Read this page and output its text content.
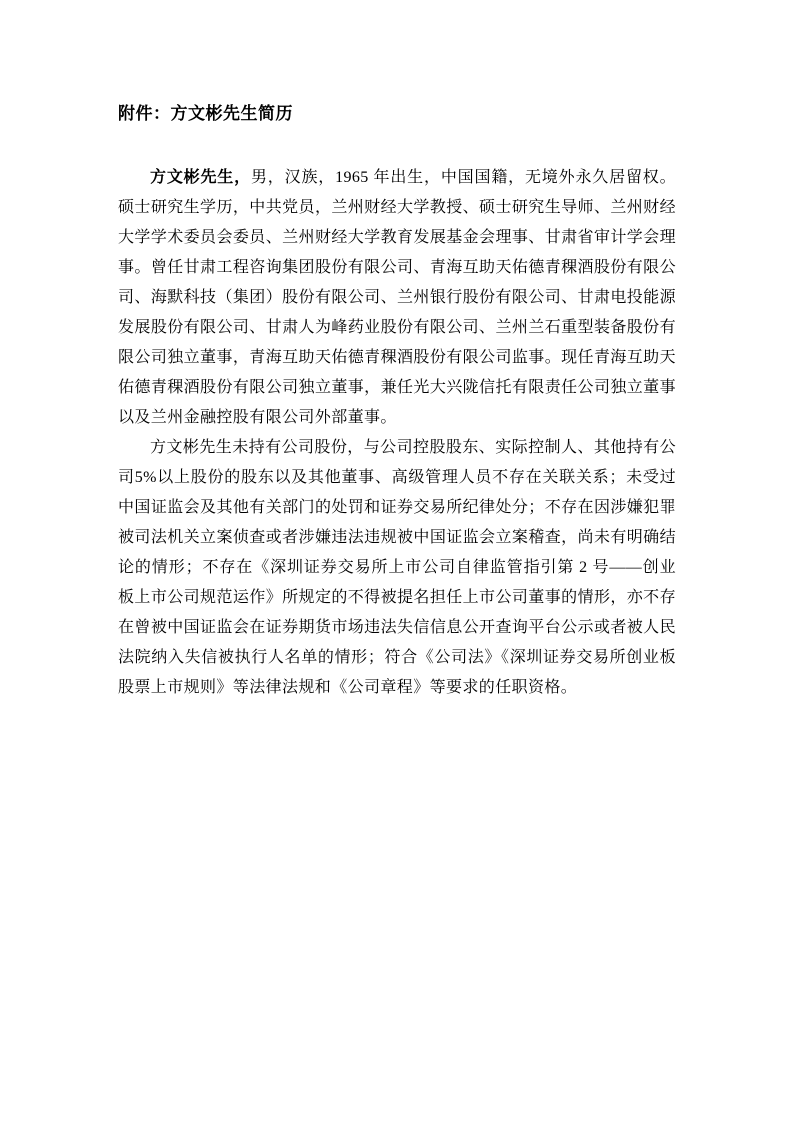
附件：方文彬先生简历

方文彬先生，男，汉族，1965 年出生，中国国籍，无境外永久居留权。硕士研究生学历，中共党员，兰州财经大学教授、硕士研究生导师、兰州财经大学学术委员会委员、兰州财经大学教育发展基金会理事、甘肃省审计学会理事。曾任甘肃工程咨询集团股份有限公司、青海互助天佑德青稞酒股份有限公司、海默科技（集团）股份有限公司、兰州银行股份有限公司、甘肃电投能源发展股份有限公司、甘肃人为峰药业股份有限公司、兰州兰石重型装备股份有限公司独立董事，青海互助天佑德青稞酒股份有限公司监事。现任青海互助天佑德青稞酒股份有限公司独立董事，兼任光大兴陇信托有限责任公司独立董事以及兰州金融控股有限公司外部董事。

方文彬先生未持有公司股份，与公司控股股东、实际控制人、其他持有公司5%以上股份的股东以及其他董事、高级管理人员不存在关联关系；未受过中国证监会及其他有关部门的处罚和证券交易所纪律处分；不存在因涉嫌犯罪被司法机关立案侦查或者涉嫌违法违规被中国证监会立案稽查，尚未有明确结论的情形；不存在《深圳证券交易所上市公司自律监管指引第 2 号——创业板上市公司规范运作》所规定的不得被提名担任上市公司董事的情形，亦不存在曾被中国证监会在证券期货市场违法失信信息公开查询平台公示或者被人民法院纳入失信被执行人名单的情形；符合《公司法》《深圳证券交易所创业板股票上市规则》等法律法规和《公司章程》等要求的任职资格。
